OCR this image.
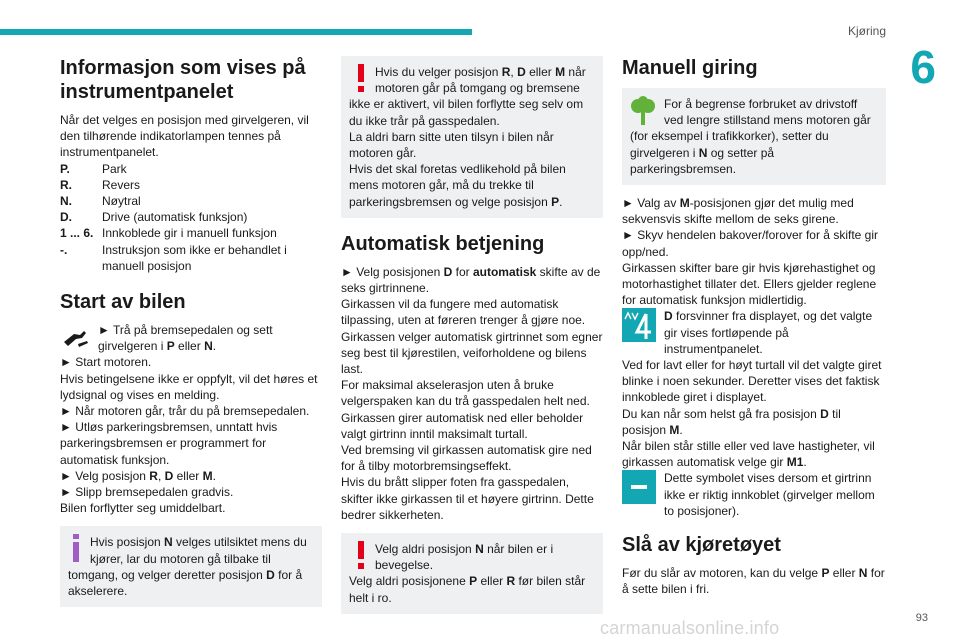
Kjøring
6
Informasjon som vises på instrumentpanelet

Når det velges en posisjon med girvelgeren, vil den tilhørende indikatorlampen tennes på instrumentpanelet.

P.	Park
R.	Revers
N.	Nøytral
D.	Drive (automatisk funksjon)
1 ... 6. Innkoblede gir i manuell funksjon
-.	Instruksjon som ikke er behandlet i manuell posisjon
Start av bilen

► Trå på bremsepedalen og sett girvelgeren i P eller N.

► Start motoren.

Hvis betingelsene ikke er oppfylt, vil det høres et lydsignal og vises en melding.

► Når motoren går, trår du på bremsepedalen.

► Utløs parkeringsbremsen, unntatt hvis parkeringsbremsen er programmert for automatisk funksjon.

► Velg posisjon R, D eller M.

► Slipp bremsepedalen gradvis.

Bilen forflytter seg umiddelbart.

Hvis posisjon N velges utilsiktet mens du kjører, lar du motoren gå tilbake til tomgang, og velger deretter posisjon D for å akselerere.
Hvis du velger posisjon R, D eller M når motoren går på tomgang og bremsene ikke er aktivert, vil bilen forflytte seg selv om du ikke trår på gasspedalen.

La aldri barn sitte uten tilsyn i bilen når motoren går.

Hvis det skal foretas vedlikehold på bilen mens motoren går, må du trekke til parkeringsbremsen og velge posisjon P.

Automatisk betjening

► Velg posisjonen D for automatisk skifte av de seks girtrinnene.

Girkassen vil da fungere med automatisk tilpassing, uten at føreren trenger å gjøre noe.

Girkassen velger automatisk girtrinnet som egner seg best til kjørestilen, veiforholdene og bilens last.

For maksimal akselerasjon uten å bruke velgerspaken kan du trå gasspedalen helt ned. Girkassen girer automatisk ned eller beholder valgt girtrinn inntil maksimalt turtall.

Ved bremsing vil girkassen automatisk gire ned for å tilby motorbremsingseffekt.

Hvis du brått slipper foten fra gasspedalen, skifter ikke girkassen til et høyere girtrinn. Dette bedrer sikkerheten.

Velg aldri posisjon N når bilen er i bevegelse.

Velg aldri posisjonene P eller R før bilen står helt i ro.

Manuell giring
For å begrense forbruket av drivstoff ved lengre stillstand mens motoren går (for eksempel i trafikkorker), setter du girvelgeren i N og setter på parkeringsbremsen.

► Valg av M-posisjonen gjør det mulig med sekvensvis skifte mellom de seks girene.

► Skyv hendelen bakover/forover for å skifte gir opp/ned.

Girkassen skifter bare gir hvis kjørehastighet og motorhastighet tillater det. Ellers gjelder reglene for automatisk funksjon midlertidig.

D forsvinner fra displayet, og det valgte gir vises fortløpende på instrumentpanelet.

Ved for lavt eller for høyt turtall vil det valgte giret blinke i noen sekunder. Deretter vises det faktisk innkoblede giret i displayet.

Du kan når som helst gå fra posisjon D til posisjon M.

Når bilen står stille eller ved lave hastigheter, vil girkassen automatisk velge gir M1.

Dette symbolet vises dersom et girtrinn ikke er riktig innkoblet (girvelger mellom to posisjoner).

Slå av kjøretøyet

Før du slår av motoren, kan du velge P eller N for å sette bilen i fri.

93
carmanualsonline.info
